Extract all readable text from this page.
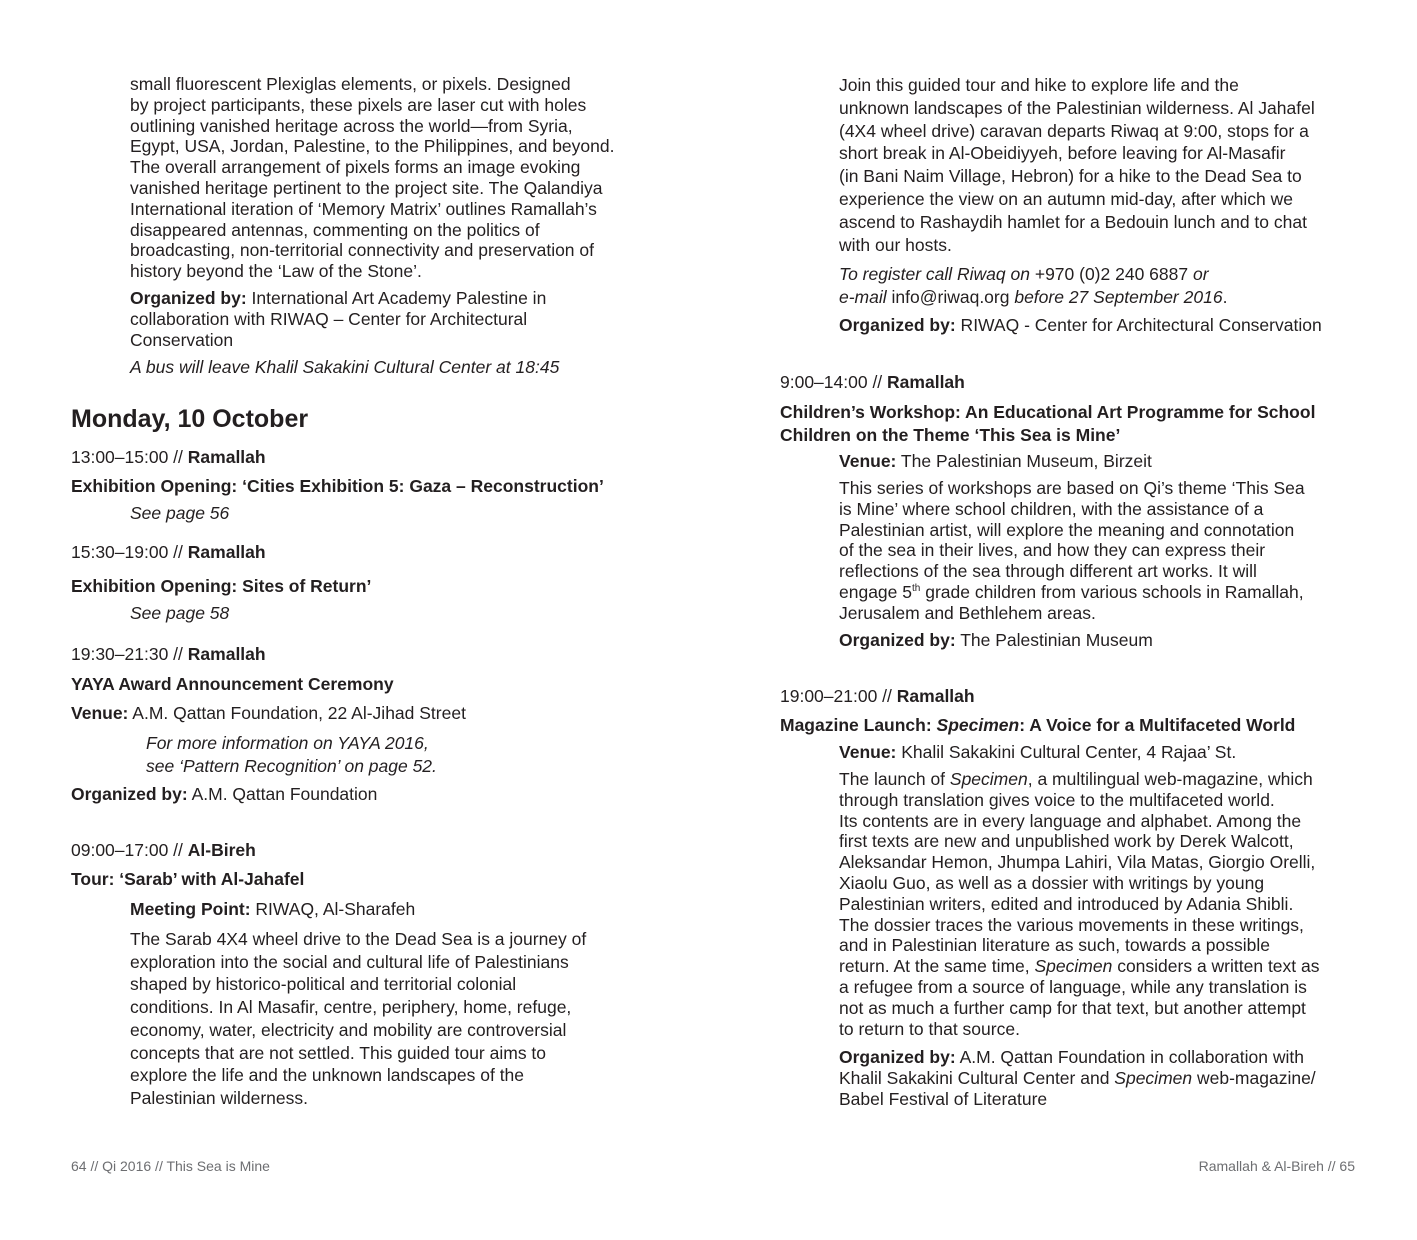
small fluorescent Plexiglas elements, or pixels. Designed
by project participants, these pixels are laser cut with holes
outlining vanished heritage across the world—from Syria,
Egypt, USA, Jordan, Palestine, to the Philippines, and beyond.
The overall arrangement of pixels forms an image evoking
vanished heritage pertinent to the project site. The Qalandiya
International iteration of ‘Memory Matrix’ outlines Ramallah’s
disappeared antennas, commenting on the politics of
broadcasting, non-territorial connectivity and preservation of
history beyond the ‘Law of the Stone’.
Organized by: International Art Academy Palestine in
collaboration with RIWAQ – Center for Architectural
Conservation

A bus will leave Khalil Sakakini Cultural Center at 18:45

Monday, 10 October

13:00–15:00 // Ramallah

Exhibition Opening: ‘Cities Exhibition 5: Gaza – Reconstruction’

See page 56

15:30–19:00 // Ramallah

Exhibition Opening: Sites of Return’

See page 58

19:30–21:30 // Ramallah

YAYA Award Announcement Ceremony

Venue: A.M. Qattan Foundation, 22 Al-Jihad Street

For more information on YAYA 2016,
see ‘Pattern Recognition’ on page 52.

Organized by: A.M. Qattan Foundation

09:00–17:00 // Al-Bireh

Tour: ‘Sarab’ with Al-Jahafel

Meeting Point: RIWAQ, Al-Sharafeh

The Sarab 4X4 wheel drive to the Dead Sea is a journey of
exploration into the social and cultural life of Palestinians
shaped by historico-political and territorial colonial
conditions. In Al Masafir, centre, periphery, home, refuge,
economy, water, electricity and mobility are controversial
concepts that are not settled. This guided tour aims to
explore the life and the unknown landscapes of the
Palestinian wilderness.
64 // Qi 2016 // This Sea is Mine
Join this guided tour and hike to explore life and the
unknown landscapes of the Palestinian wilderness. Al Jahafel
(4X4 wheel drive) caravan departs Riwaq at 9:00, stops for a
short break in Al-Obeidiyyeh, before leaving for Al-Masafir
(in Bani Naim Village, Hebron) for a hike to the Dead Sea to
experience the view on an autumn mid-day, after which we
ascend to Rashaydih hamlet for a Bedouin lunch and to chat
with our hosts.
To register call Riwaq on +970 (0)2 240 6887 or
e-mail info@riwaq.org before 27 September 2016.

Organized by: RIWAQ - Center for Architectural Conservation

9:00–14:00 // Ramallah

Children’s Workshop: An Educational Art Programme for School
Children on the Theme ‘This Sea is Mine’

Venue: The Palestinian Museum, Birzeit

This series of workshops are based on Qi’s theme ‘This Sea
is Mine’ where school children, with the assistance of a
Palestinian artist, will explore the meaning and connotation
of the sea in their lives, and how they can express their
reflections of the sea through different art works. It will
engage 5th grade children from various schools in Ramallah,
Jerusalem and Bethlehem areas.

Organized by: The Palestinian Museum

19:00–21:00 // Ramallah

Magazine Launch: Specimen: A Voice for a Multifaceted World

Venue: Khalil Sakakini Cultural Center, 4 Rajaa’ St.

The launch of Specimen, a multilingual web-magazine, which
through translation gives voice to the multifaceted world.
Its contents are in every language and alphabet. Among the
first texts are new and unpublished work by Derek Walcott,
Aleksandar Hemon, Jhumpa Lahiri, Vila Matas, Giorgio Orelli,
Xiaolu Guo, as well as a dossier with writings by young
Palestinian writers, edited and introduced by Adania Shibli.
The dossier traces the various movements in these writings,
and in Palestinian literature as such, towards a possible
return. At the same time, Specimen considers a written text as
a refugee from a source of language, while any translation is
not as much a further camp for that text, but another attempt
to return to that source.
Organized by: A.M. Qattan Foundation in collaboration with
Khalil Sakakini Cultural Center and Specimen web-magazine/
Babel Festival of Literature
Ramallah & Al-Bireh // 65
